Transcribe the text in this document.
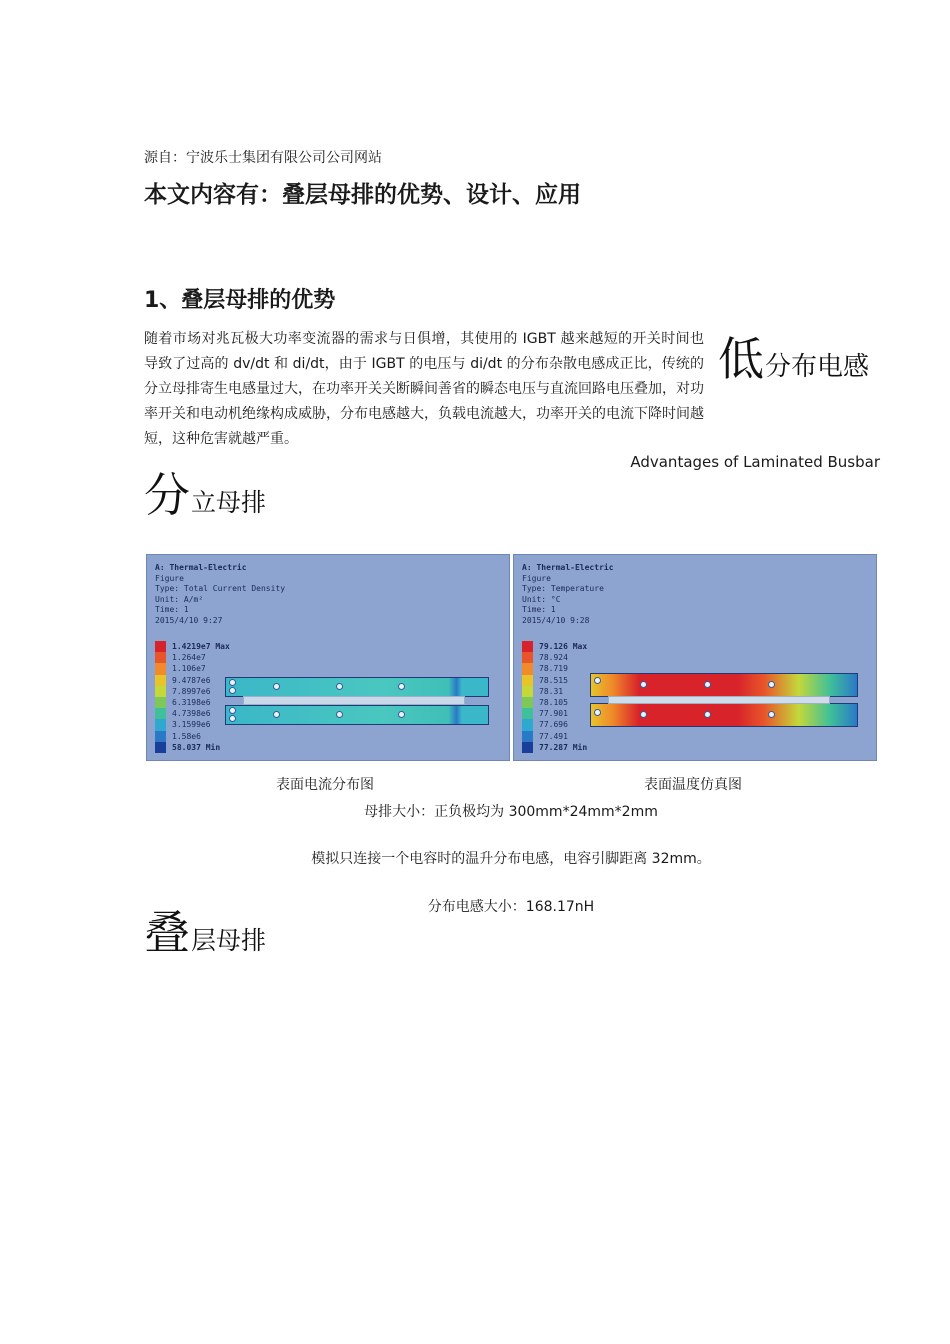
源自：宁波乐士集团有限公司公司网站
本文内容有：叠层母排的优势、设计、应用
1、叠层母排的优势
随着市场对兆瓦极大功率变流器的需求与日俱增，其使用的 IGBT 越来越短的开关时间也导致了过高的 dv/dt 和 di/dt，由于 IGBT 的电压与 di/dt 的分布杂散电感成正比，传统的分立母排寄生电感量过大，在功率开关关断瞬间善省的瞬态电压与直流回路电压叠加，对功率开关和电动机绝缘构成威胁，分布电感越大，负载电流越大，功率开关的电流下降时间越短，这种危害就越严重。
低分布电感
Advantages of Laminated Busbar
分立母排
A: Thermal-Electric
Figure
Type: Total Current Density
Unit: A/m²
Time: 1
2015/4/10 9:27
1.4219e7 Max
1.264e7
1.106e7
9.4787e6
7.8997e6
6.3198e6
4.7398e6
3.1599e6
1.58e6
58.037 Min
A: Thermal-Electric
Figure
Type: Temperature
Unit: °C
Time: 1
2015/4/10 9:28
79.126 Max
78.924
78.719
78.515
78.31
78.105
77.901
77.696
77.491
77.287 Min
表面电流分布图	表面温度仿真图
母排大小：正负极均为 300mm*24mm*2mm
模拟只连接一个电容时的温升分布电感，电容引脚距离 32mm。
分布电感大小：168.17nH
叠层母排
